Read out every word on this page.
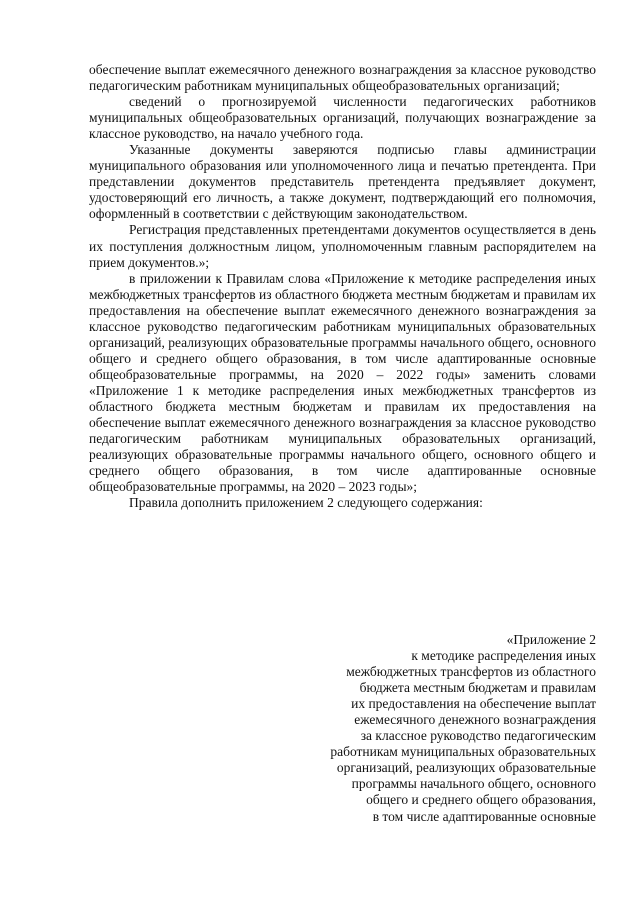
обеспечение выплат ежемесячного денежного вознаграждения за классное руководство педагогическим работникам муниципальных общеобразовательных организаций;

сведений о прогнозируемой численности педагогических работников муниципальных общеобразовательных организаций, получающих вознаграждение за классное руководство, на начало учебного года.

Указанные документы заверяются подписью главы администрации муниципального образования или уполномоченного лица и печатью претендента. При представлении документов представитель претендента предъявляет документ, удостоверяющий его личность, а также документ, подтверждающий его полномочия, оформленный в соответствии с действующим законодательством.

Регистрация представленных претендентами документов осуществляется в день их поступления должностным лицом, уполномоченным главным распорядителем на прием документов.»;

в приложении к Правилам слова «Приложение к методике распределения иных межбюджетных трансфертов из областного бюджета местным бюджетам и правилам их предоставления на обеспечение выплат ежемесячного денежного вознаграждения за классное руководство педагогическим работникам муниципальных образовательных организаций, реализующих образовательные программы начального общего, основного общего и среднего общего образования, в том числе адаптированные основные общеобразовательные программы, на 2020 – 2022 годы» заменить словами «Приложение 1 к методике распределения иных межбюджетных трансфертов из областного бюджета местным бюджетам и правилам их предоставления на обеспечение выплат ежемесячного денежного вознаграждения за классное руководство педагогическим работникам муниципальных образовательных организаций, реализующих образовательные программы начального общего, основного общего и среднего общего образования, в том числе адаптированные основные общеобразовательные программы, на 2020 – 2023 годы»;

Правила дополнить приложением 2 следующего содержания:

«Приложение 2
к методике распределения иных
межбюджетных трансфертов из областного
бюджета местным бюджетам и правилам
их предоставления на обеспечение выплат
ежемесячного денежного вознаграждения
за классное руководство педагогическим
работникам муниципальных образовательных
организаций, реализующих образовательные
программы начального общего, основного
общего и среднего общего образования,
в том числе адаптированные основные
